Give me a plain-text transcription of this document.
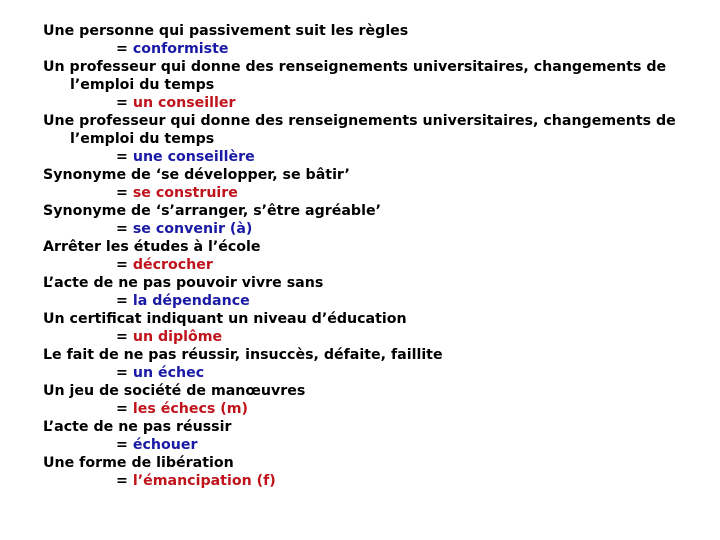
Une personne qui passivement suit les règles
= conformiste
Un professeur qui donne des renseignements universitaires, changements de l’emploi du temps
= un conseiller
Une professeur qui donne des renseignements universitaires, changements de l’emploi du temps
= une conseillère
Synonyme de ‘se développer, se bâtir’
= se construire
Synonyme de ‘s’arranger, s’être agréable’
= se convenir (à)
Arrêter les études à l’école
= décrocher
L’acte de ne pas pouvoir vivre sans
= la dépendance
Un certificat indiquant un niveau d’éducation
= un diplôme
Le fait de ne pas réussir, insuccès, défaite, faillite
= un échec
Un jeu de société de manœuvres
= les échecs (m)
L’acte de ne pas réussir
= échouer
Une forme de libération
= l’émancipation (f)
